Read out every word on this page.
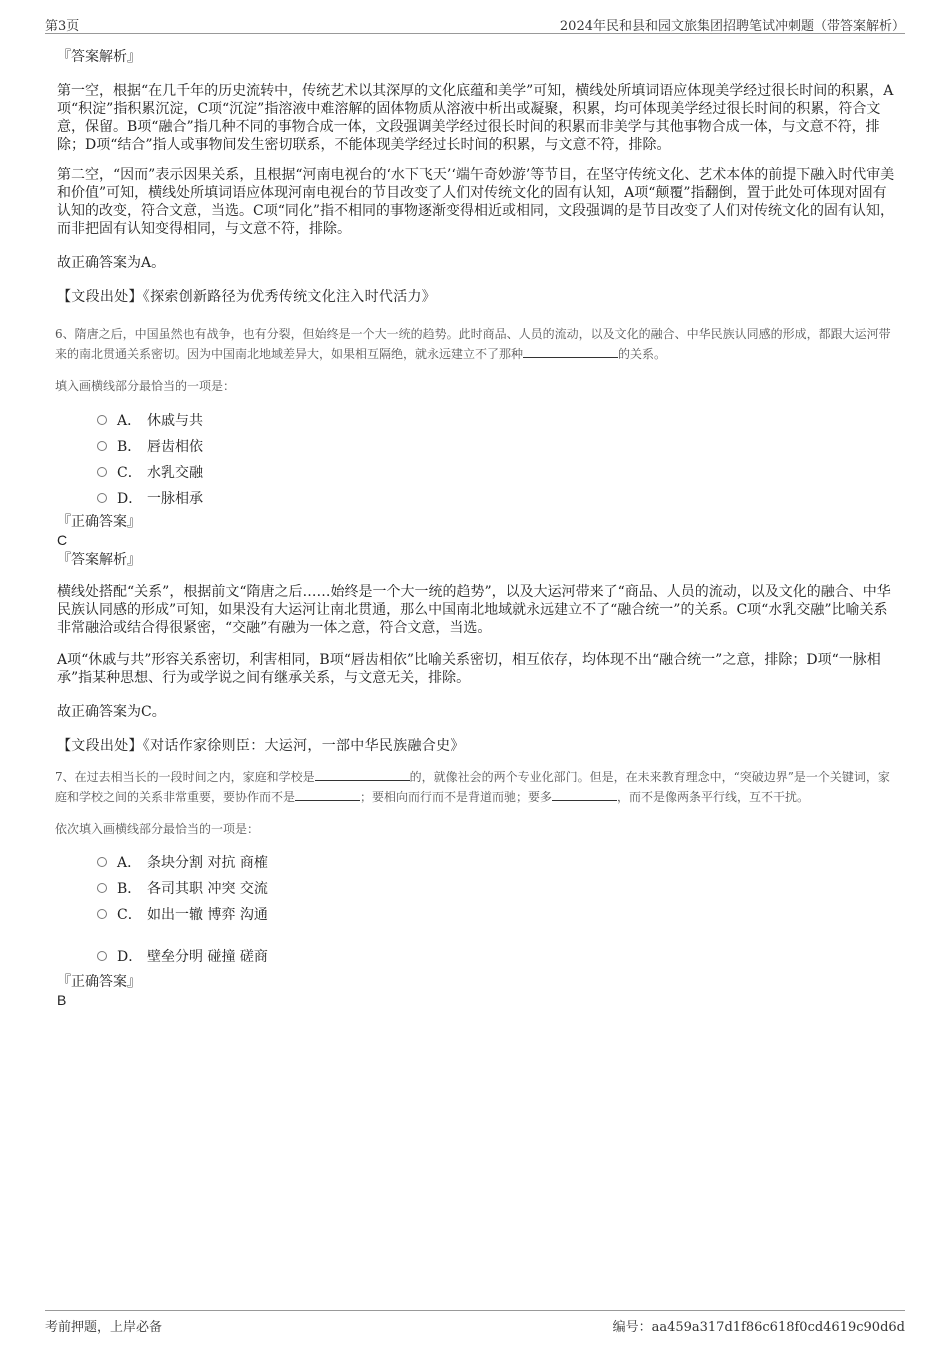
第3页	2024年民和县和园文旅集团招聘笔试冲刺题（带答案解析）

『答案解析』

第一空，根据“在几千年的历史流转中，传统艺术以其深厚的文化底蕴和美学”可知，横线处所填词语应体现美学经过很长时间的积累，A项“积淀”指积累沉淀，C项“沉淀”指溶液中难溶解的固体物质从溶液中析出或凝聚，积累，均可体现美学经过很长时间的积累，符合文意，保留。B项“融合”指几种不同的事物合成一体，文段强调美学经过很长时间的积累而非美学与其他事物合成一体，与文意不符，排除；D项“结合”指人或事物间发生密切联系，不能体现美学经过长时间的积累，与文意不符，排除。

第二空，“因而”表示因果关系，且根据“河南电视台的‘水下飞天’‘端午奇妙游’等节目，在坚守传统文化、艺术本体的前提下融入时代审美和价值”可知，横线处所填词语应体现河南电视台的节目改变了人们对传统文化的固有认知，A项“颠覆”指翻倒，置于此处可体现对固有认知的改变，符合文意，当选。C项“同化”指不相同的事物逐渐变得相近或相同，文段强调的是节目改变了人们对传统文化的固有认知，而非把固有认知变得相同，与文意不符，排除。

故正确答案为A。

【文段出处】《探索创新路径为优秀传统文化注入时代活力》

6、隋唐之后，中国虽然也有战争，也有分裂，但始终是一个大一统的趋势。此时商品、人员的流动，以及文化的融合、中华民族认同感的形成，都跟大运河带来的南北贯通关系密切。因为中国南北地域差异大，如果相互隔绝，就永远建立不了那种	的关系。

填入画横线部分最恰当的一项是：

A． 休戚与共
B． 唇齿相依
C． 水乳交融
D． 一脉相承

『正确答案』

C

『答案解析』

横线处搭配“关系”，根据前文“隋唐之后……始终是一个大一统的趋势”，以及大运河带来了“商品、人员的流动，以及文化的融合、中华民族认同感的形成”可知，如果没有大运河让南北贯通，那么中国南北地域就永远建立不了“融合统一”的关系。C项“水乳交融”比喻关系非常融洽或结合得很紧密，“交融”有融为一体之意，符合文意，当选。

A项“休戚与共”形容关系密切，利害相同，B项“唇齿相依”比喻关系密切，相互依存，均体现不出“融合统一”之意，排除；D项“一脉相承”指某种思想、行为或学说之间有继承关系，与文意无关，排除。

故正确答案为C。

【文段出处】《对话作家徐则臣：大运河，一部中华民族融合史》

7、在过去相当长的一段时间之内，家庭和学校是	的，就像社会的两个专业化部门。但是，在未来教育理念中，“突破边界”是一个关键词，家庭和学校之间的关系非常重要，要协作而不是	；要相向而行而不是背道而驰；要多	，而不是像两条平行线，互不干扰。

依次填入画横线部分最恰当的一项是：

A． 条块分割 对抗 商榷
B． 各司其职 冲突 交流
C． 如出一辙 博弈 沟通
D． 壁垒分明 碰撞 磋商

『正确答案』

B

考前押题，上岸必备	编号：aa459a317d1f86c618f0cd4619c90d6d
